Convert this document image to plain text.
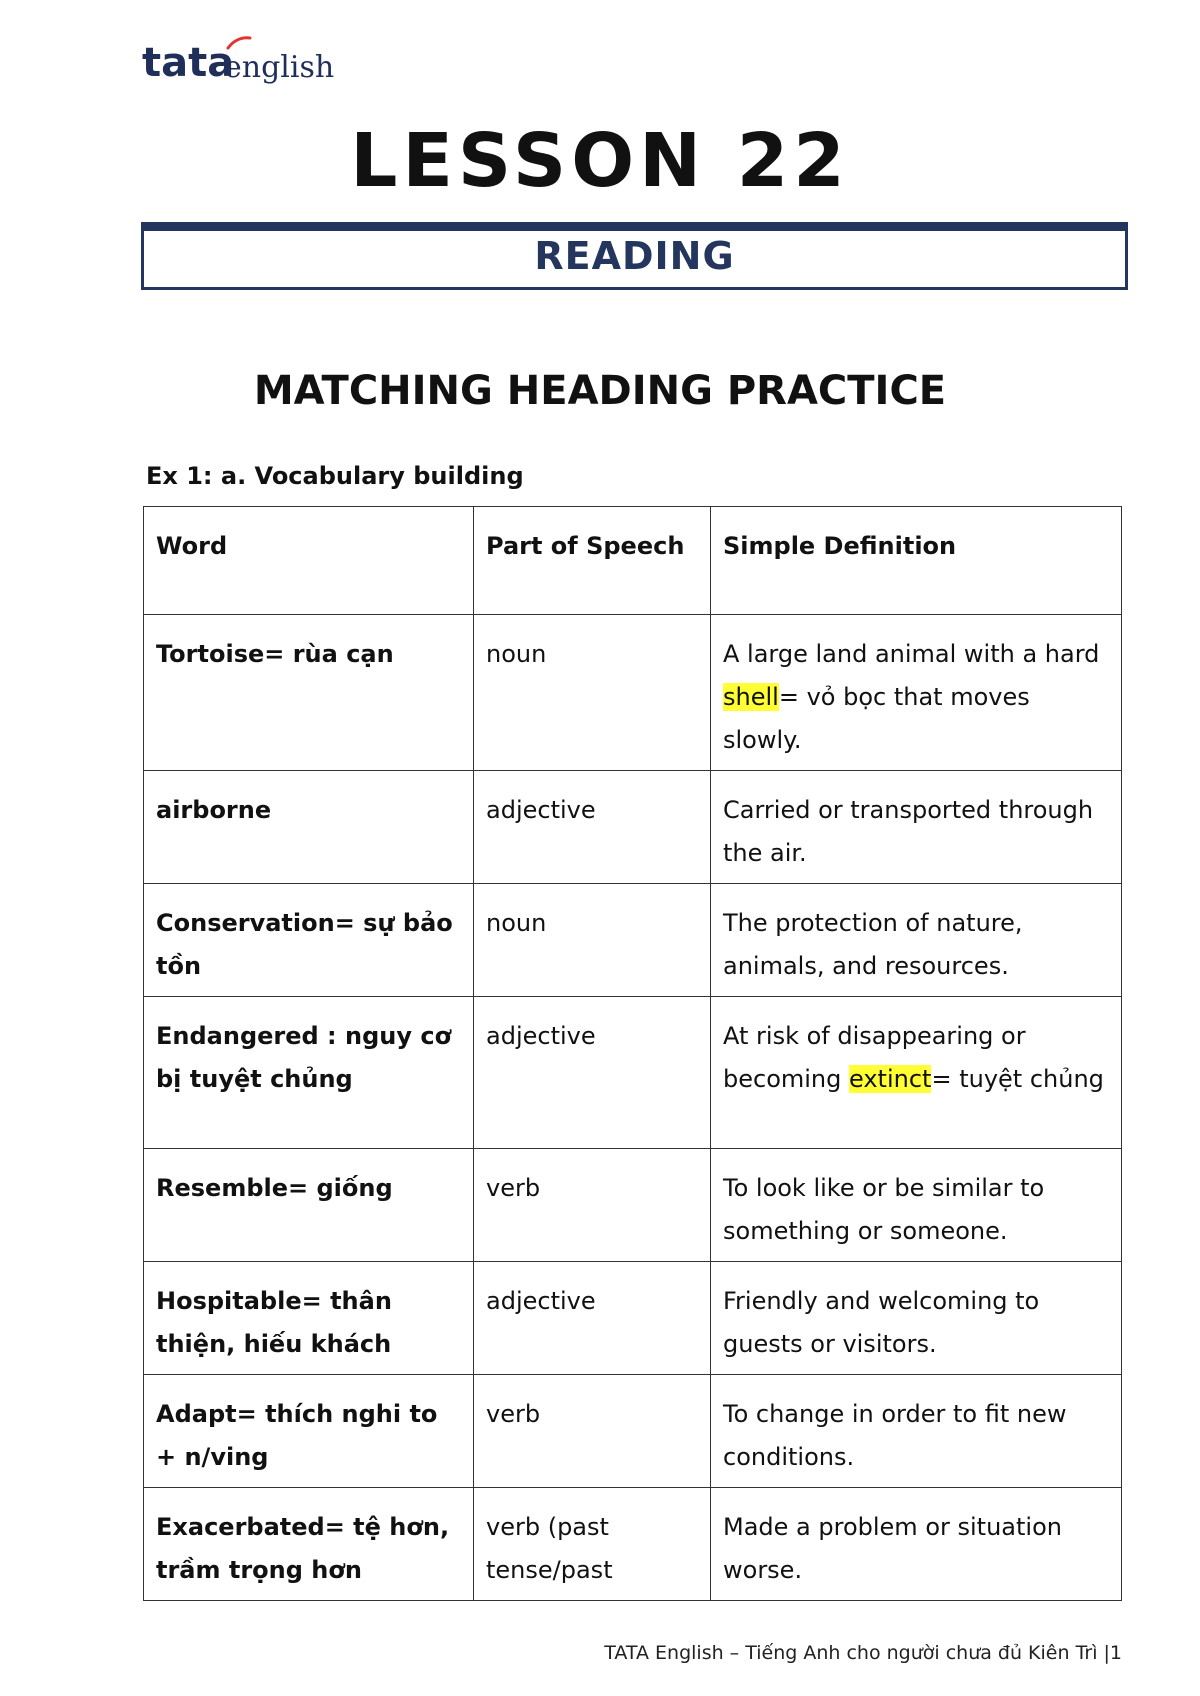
tata
english
LESSON 22
READING
MATCHING HEADING PRACTICE
Ex 1: a. Vocabulary building
Word	Part of Speech	Simple Definition
Tortoise= rùa cạn	noun	A large land animal with a hard shell= vỏ bọc that moves slowly.
airborne	adjective	Carried or transported through the air.
Conservation= sự bảo tồn	noun	The protection of nature, animals, and resources.
Endangered : nguy cơ bị tuyệt chủng	adjective	At risk of disappearing or becoming extinct= tuyệt chủng
Resemble= giống	verb	To look like or be similar to something or someone.
Hospitable= thân thiện, hiếu khách	adjective	Friendly and welcoming to guests or visitors.
Adapt= thích nghi to + n/ving	verb	To change in order to fit new conditions.
Exacerbated= tệ hơn, trầm trọng hơn	verb (past tense/past	Made a problem or situation worse.
TATA English – Tiếng Anh cho người chưa đủ Kiên Trì |1
